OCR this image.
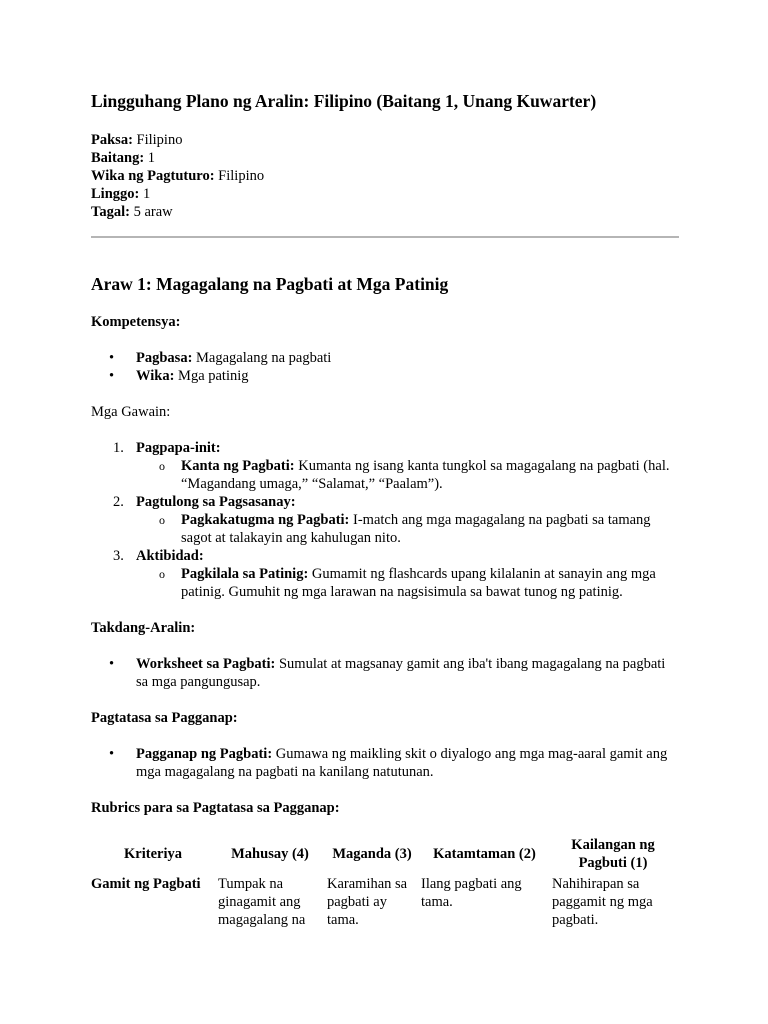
Lingguhang Plano ng Aralin: Filipino (Baitang 1, Unang Kuwarter)
Paksa: Filipino
Baitang: 1
Wika ng Pagtuturo: Filipino
Linggo: 1
Tagal: 5 araw
Araw 1: Magagalang na Pagbati at Mga Patinig
Kompetensya:
• Pagbasa: Magagalang na pagbati
• Wika: Mga patinig
Mga Gawain:
1. Pagpapa-init:
o Kanta ng Pagbati: Kumanta ng isang kanta tungkol sa magagalang na pagbati (hal. “Magandang umaga,” “Salamat,” “Paalam”).
2. Pagtulong sa Pagsasanay:
o Pagkakatugma ng Pagbati: I-match ang mga magagalang na pagbati sa tamang sagot at talakayin ang kahulugan nito.
3. Aktibidad:
o Pagkilala sa Patinig: Gumamit ng flashcards upang kilalanin at sanayin ang mga patinig. Gumuhit ng mga larawan na nagsisimula sa bawat tunog ng patinig.
Takdang-Aralin:
• Worksheet sa Pagbati: Sumulat at magsanay gamit ang iba't ibang magagalang na pagbati sa mga pangungusap.
Pagtatasa sa Pagganap:
• Pagganap ng Pagbati: Gumawa ng maikling skit o diyalogo ang mga mag-aaral gamit ang mga magagalang na pagbati na kanilang natutunan.
Rubrics para sa Pagtatasa sa Pagganap:
Kriteriya	Mahusay (4)	Maganda (3)	Katamtaman (2)	Kailangan ng Pagbuti (1)
Gamit ng Pagbati	Tumpak na ginagamit ang magagalang na	Karamihan sa pagbati ay tama.	Ilang pagbati ang tama.	Nahihirapan sa paggamit ng mga pagbati.
